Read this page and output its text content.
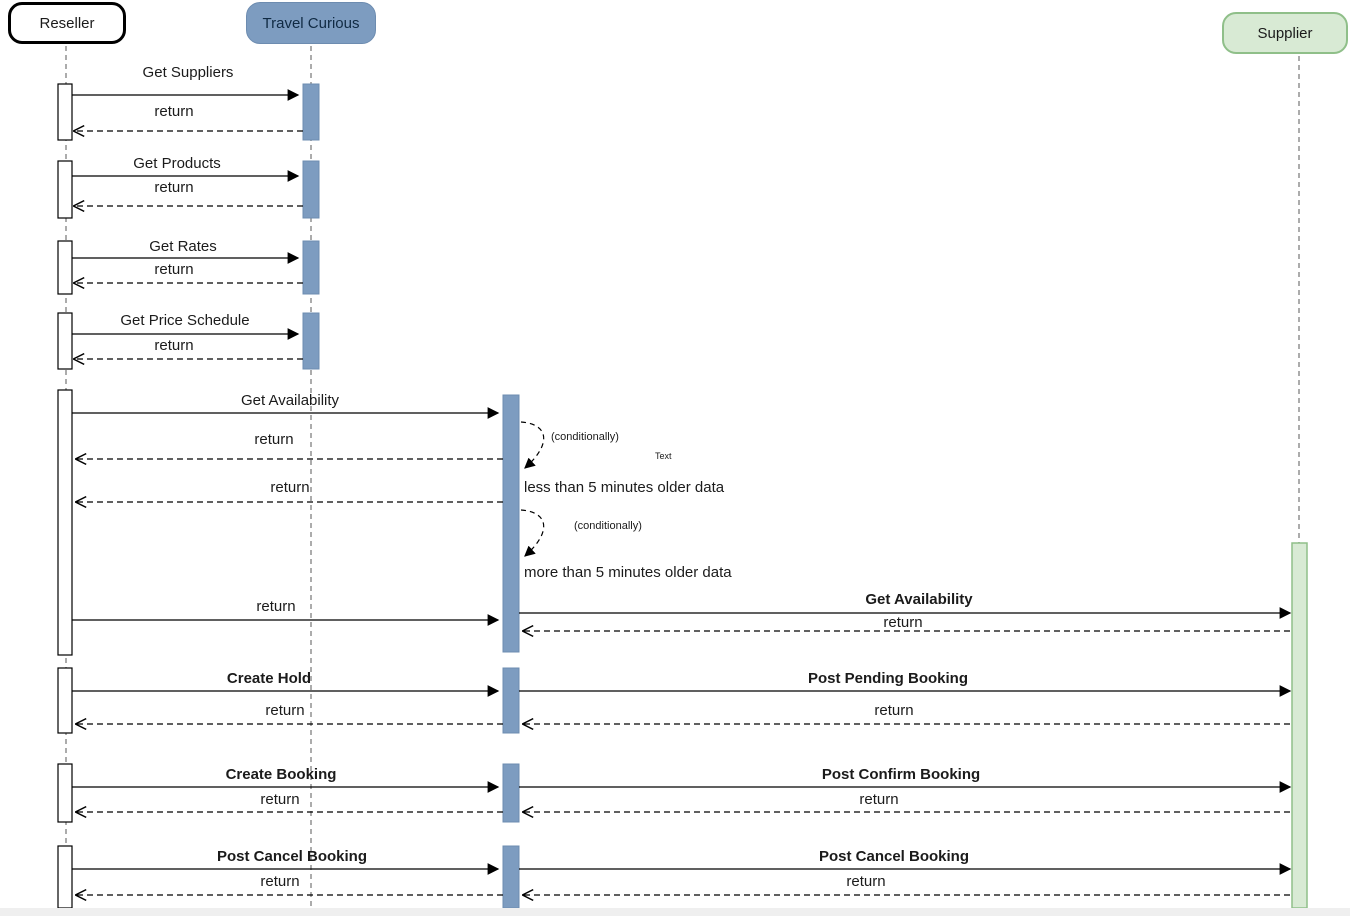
Reseller	Travel Curious
Supplier
Get Suppliers
return
Get Products
return
Get Rates
return
Get Price Schedule
return
Get Availability
return
return
return	Get Availability
return
Create Hold	Post Pending Booking
return	return
Create Booking	Post Confirm Booking
return	return
Post Cancel Booking	Post Cancel Booking
return	return
(conditionally)
Text
less than 5 minutes older data
(conditionally)
more than 5 minutes older data
